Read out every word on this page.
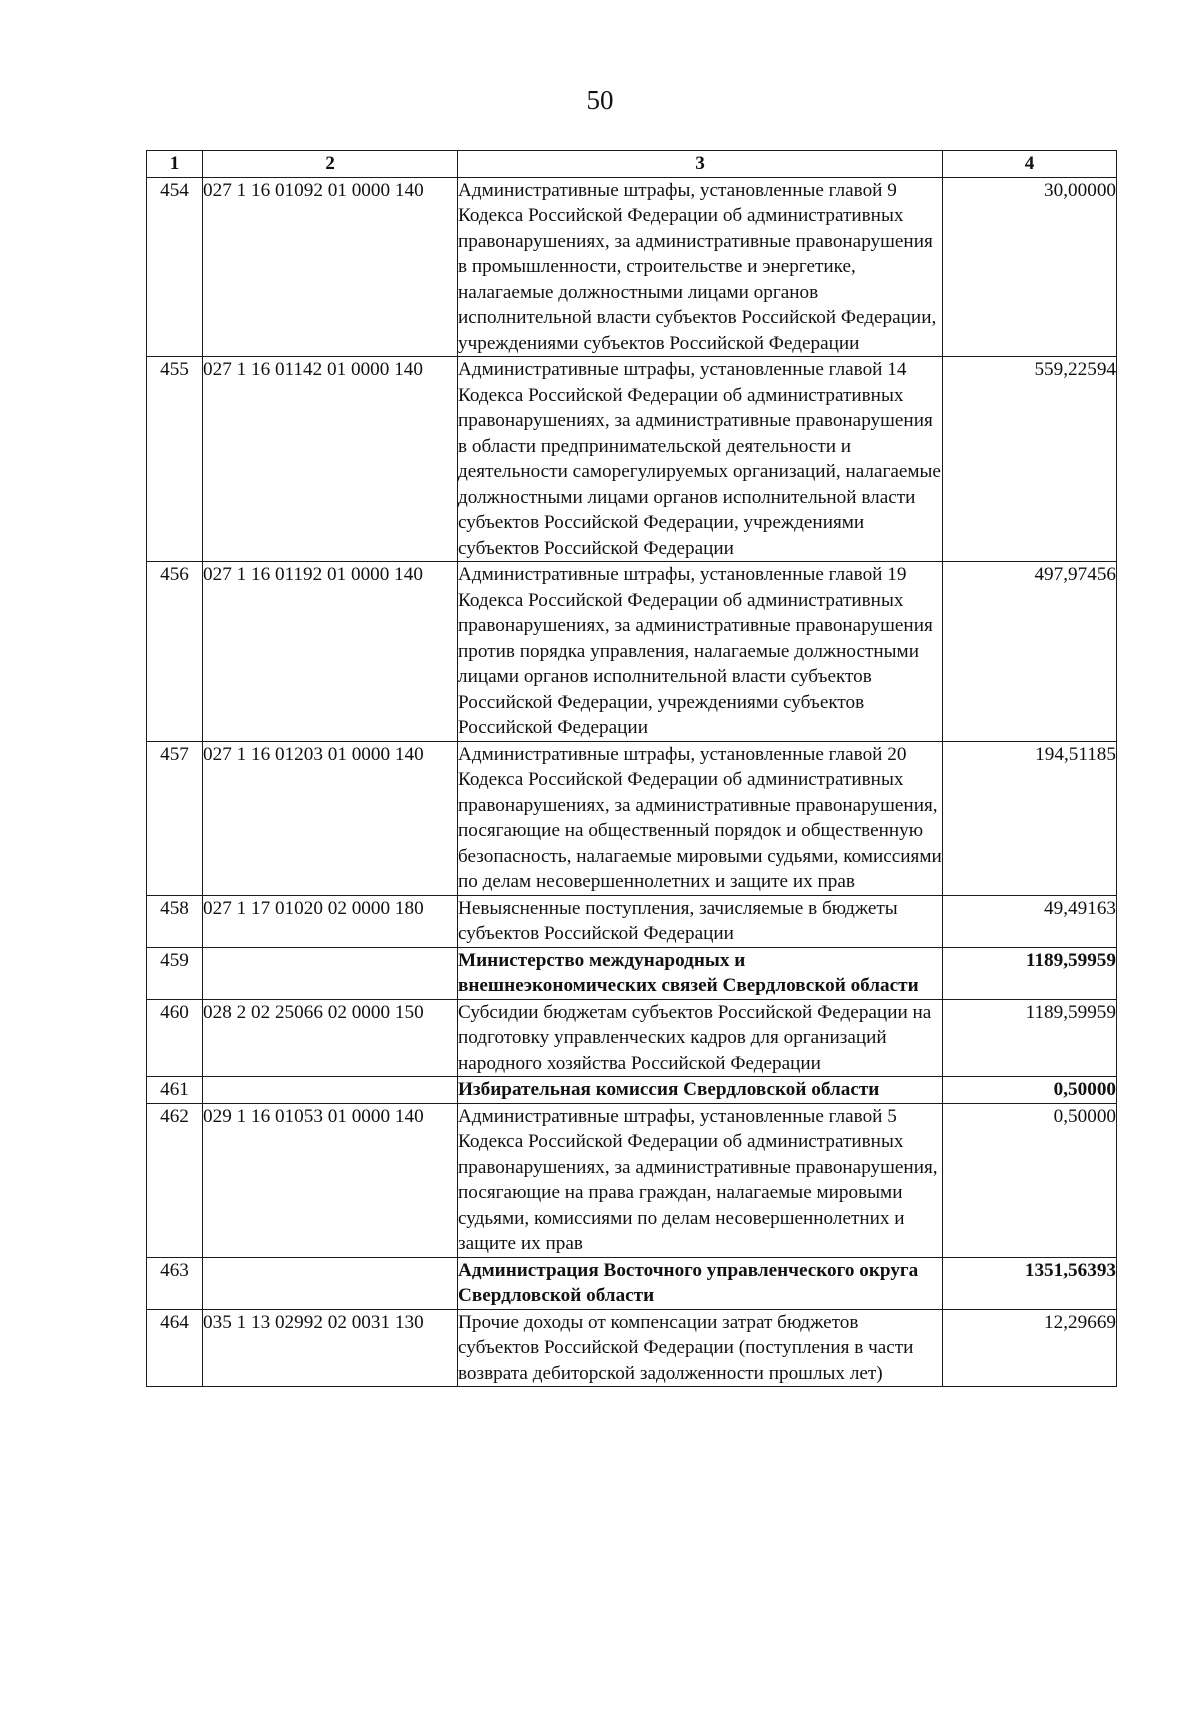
50
1	2	3	4
454	027 1 16 01092 01 0000 140	Административные штрафы, установленные главой 9 Кодекса Российской Федерации об административных правонарушениях, за административные правонарушения в промышленности, строительстве и энергетике, налагаемые должностными лицами органов исполнительной власти субъектов Российской Федерации, учреждениями субъектов Российской Федерации	30,00000
455	027 1 16 01142 01 0000 140	Административные штрафы, установленные главой 14 Кодекса Российской Федерации об административных правонарушениях, за административные правонарушения в области предпринимательской деятельности и деятельности саморегулируемых организаций, налагаемые должностными лицами органов исполнительной власти субъектов Российской Федерации, учреждениями субъектов Российской Федерации	559,22594
456	027 1 16 01192 01 0000 140	Административные штрафы, установленные главой 19 Кодекса Российской Федерации об административных правонарушениях, за административные правонарушения против порядка управления, налагаемые должностными лицами органов исполнительной власти субъектов Российской Федерации, учреждениями субъектов Российской Федерации	497,97456
457	027 1 16 01203 01 0000 140	Административные штрафы, установленные главой 20 Кодекса Российской Федерации об административных правонарушениях, за административные правонарушения, посягающие на общественный порядок и общественную безопасность, налагаемые мировыми судьями, комиссиями по делам несовершеннолетних и защите их прав	194,51185
458	027 1 17 01020 02 0000 180	Невыясненные поступления, зачисляемые в бюджеты субъектов Российской Федерации	49,49163
459		Министерство международных и внешнеэкономических связей Свердловской области	1189,59959
460	028 2 02 25066 02 0000 150	Субсидии бюджетам субъектов Российской Федерации на подготовку управленческих кадров для организаций народного хозяйства Российской Федерации	1189,59959
461		Избирательная комиссия Свердловской области	0,50000
462	029 1 16 01053 01 0000 140	Административные штрафы, установленные главой 5 Кодекса Российской Федерации об административных правонарушениях, за административные правонарушения, посягающие на права граждан, налагаемые мировыми судьями, комиссиями по делам несовершеннолетних и защите их прав	0,50000
463		Администрация Восточного управленческого округа Свердловской области	1351,56393
464	035 1 13 02992 02 0031 130	Прочие доходы от компенсации затрат бюджетов субъектов Российской Федерации (поступления в части возврата дебиторской задолженности прошлых лет)	12,29669
